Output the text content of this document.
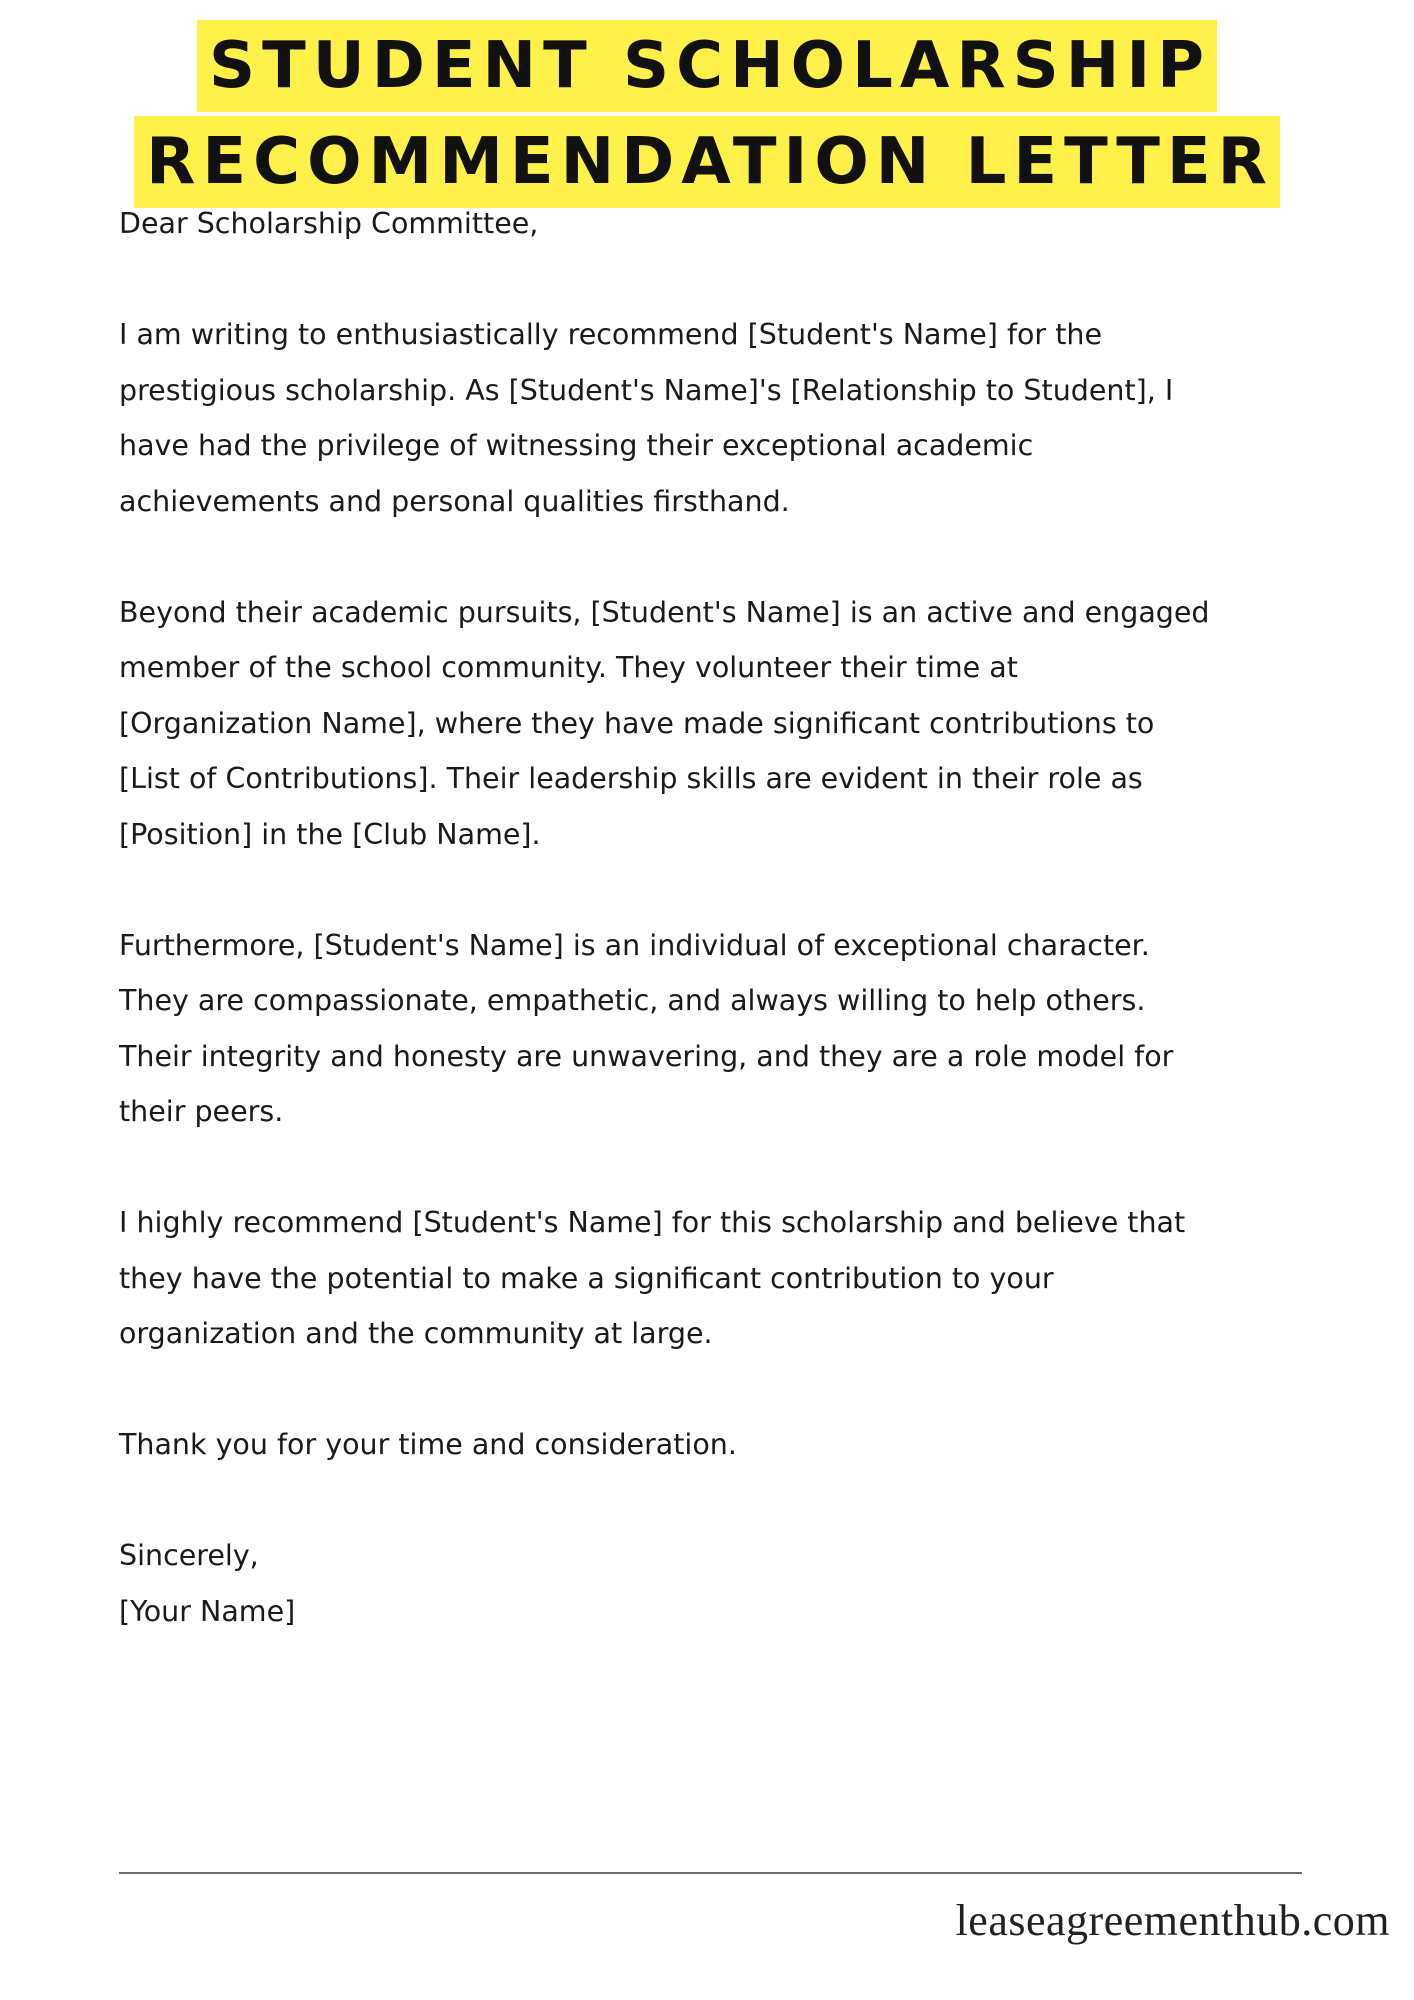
STUDENT SCHOLARSHIP
RECOMMENDATION LETTER

Dear Scholarship Committee,

I am writing to enthusiastically recommend [Student's Name] for the
prestigious scholarship. As [Student's Name]'s [Relationship to Student], I
have had the privilege of witnessing their exceptional academic
achievements and personal qualities firsthand.

Beyond their academic pursuits, [Student's Name] is an active and engaged
member of the school community. They volunteer their time at
[Organization Name], where they have made significant contributions to
[List of Contributions]. Their leadership skills are evident in their role as
[Position] in the [Club Name].

Furthermore, [Student's Name] is an individual of exceptional character.
They are compassionate, empathetic, and always willing to help others.
Their integrity and honesty are unwavering, and they are a role model for
their peers.

I highly recommend [Student's Name] for this scholarship and believe that
they have the potential to make a significant contribution to your
organization and the community at large.

Thank you for your time and consideration.

Sincerely,
[Your Name]

leaseagreementhub.com
